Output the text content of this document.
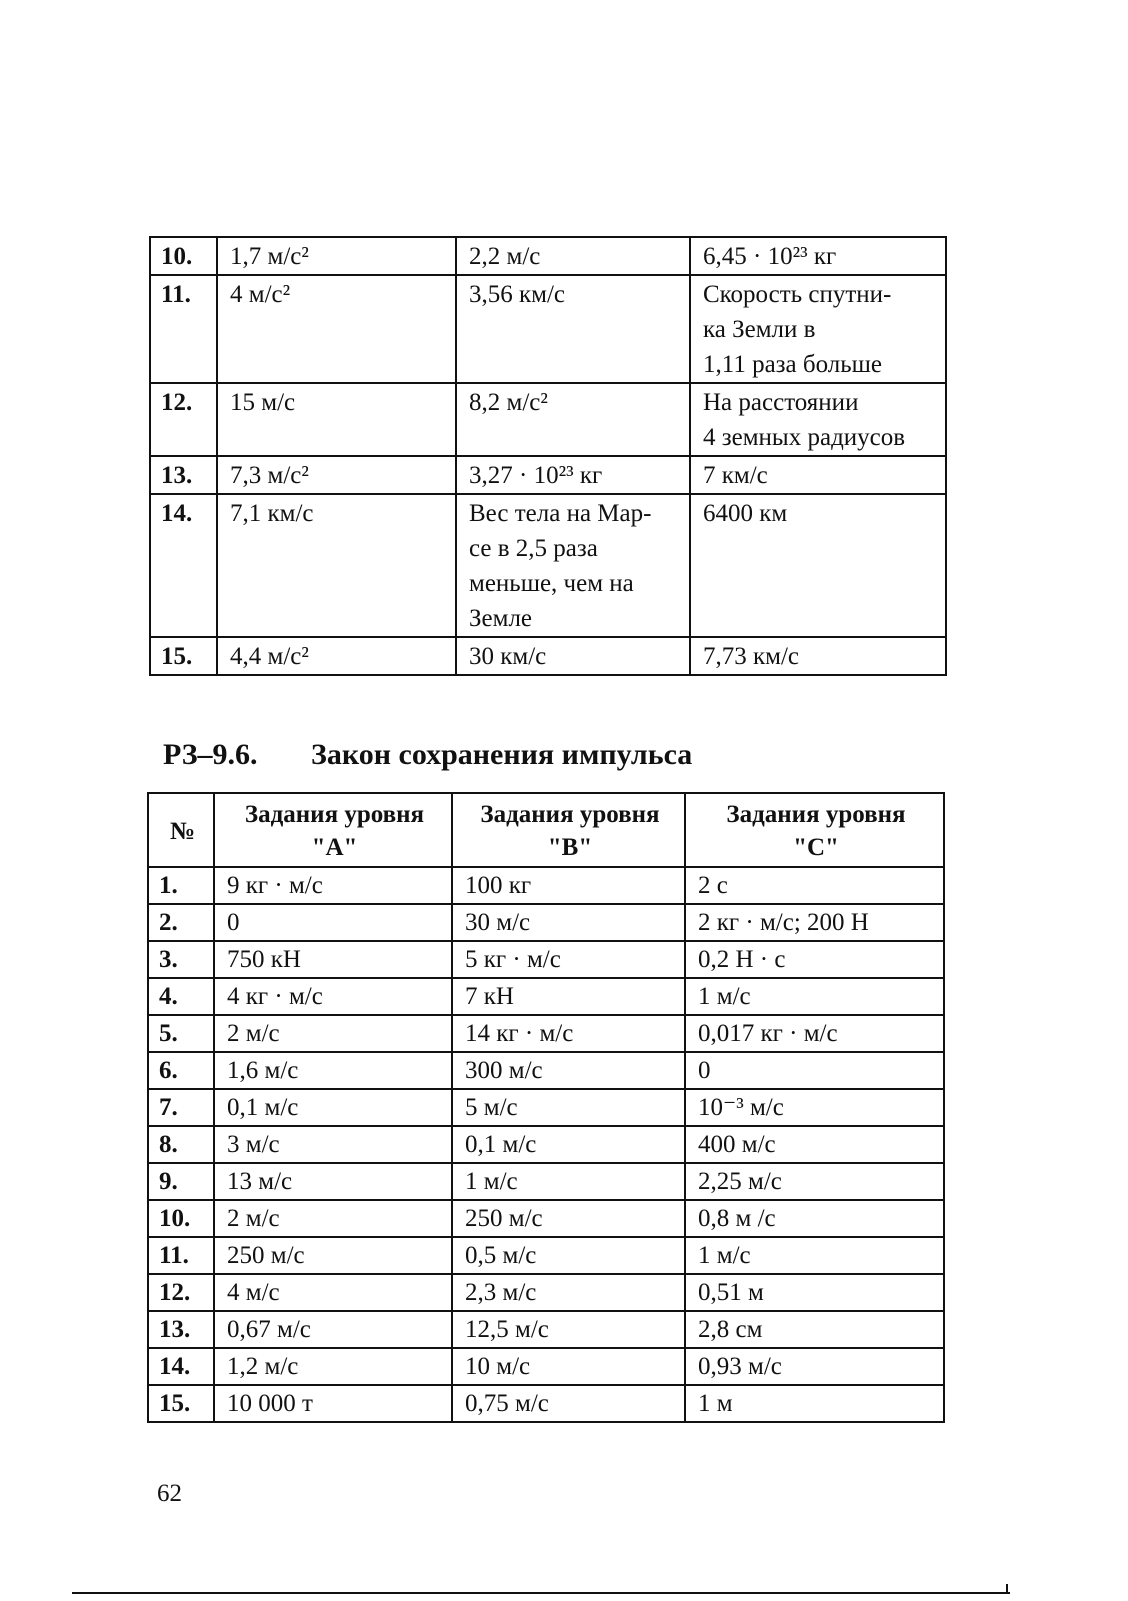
10.	1,7 м/с²	2,2 м/с	6,45 · 10²³ кг
11.	4 м/с²	3,56 км/с	Скорость спутни-
ка Земли в
1,11 раза больше
12.	15 м/с	8,2 м/с²	На расстоянии
4 земных радиусов
13.	7,3 м/с²	3,27 · 10²³ кг	7 км/с
14.	7,1 км/с	Вес тела на Мар-
се в 2,5 раза
меньше, чем на
Земле	6400 км
15.	4,4 м/с²	30 км/с	7,73 км/с
РЗ–9.6. Закон сохранения импульса
№	Задания уровня
"А"	Задания уровня
"В"	Задания уровня
"С"
1.	9 кг · м/с	100 кг	2 с
2.	0	30 м/с	2 кг · м/с; 200 Н
3.	750 кН	5 кг · м/с	0,2 Н · с
4.	4 кг · м/с	7 кН	1 м/с
5.	2 м/с	14 кг · м/с	0,017 кг · м/с
6.	1,6 м/с	300 м/с	0
7.	0,1 м/с	5 м/с	10⁻³ м/с
8.	3 м/с	0,1 м/с	400 м/с
9.	13 м/с	1 м/с	2,25 м/с
10.	2 м/с	250 м/с	0,8 м /с
11.	250 м/с	0,5 м/с	1 м/с
12.	4 м/с	2,3 м/с	0,51 м
13.	0,67 м/с	12,5 м/с	2,8 см
14.	1,2 м/с	10 м/с	0,93 м/с
15.	10 000 т	0,75 м/с	1 м
62
